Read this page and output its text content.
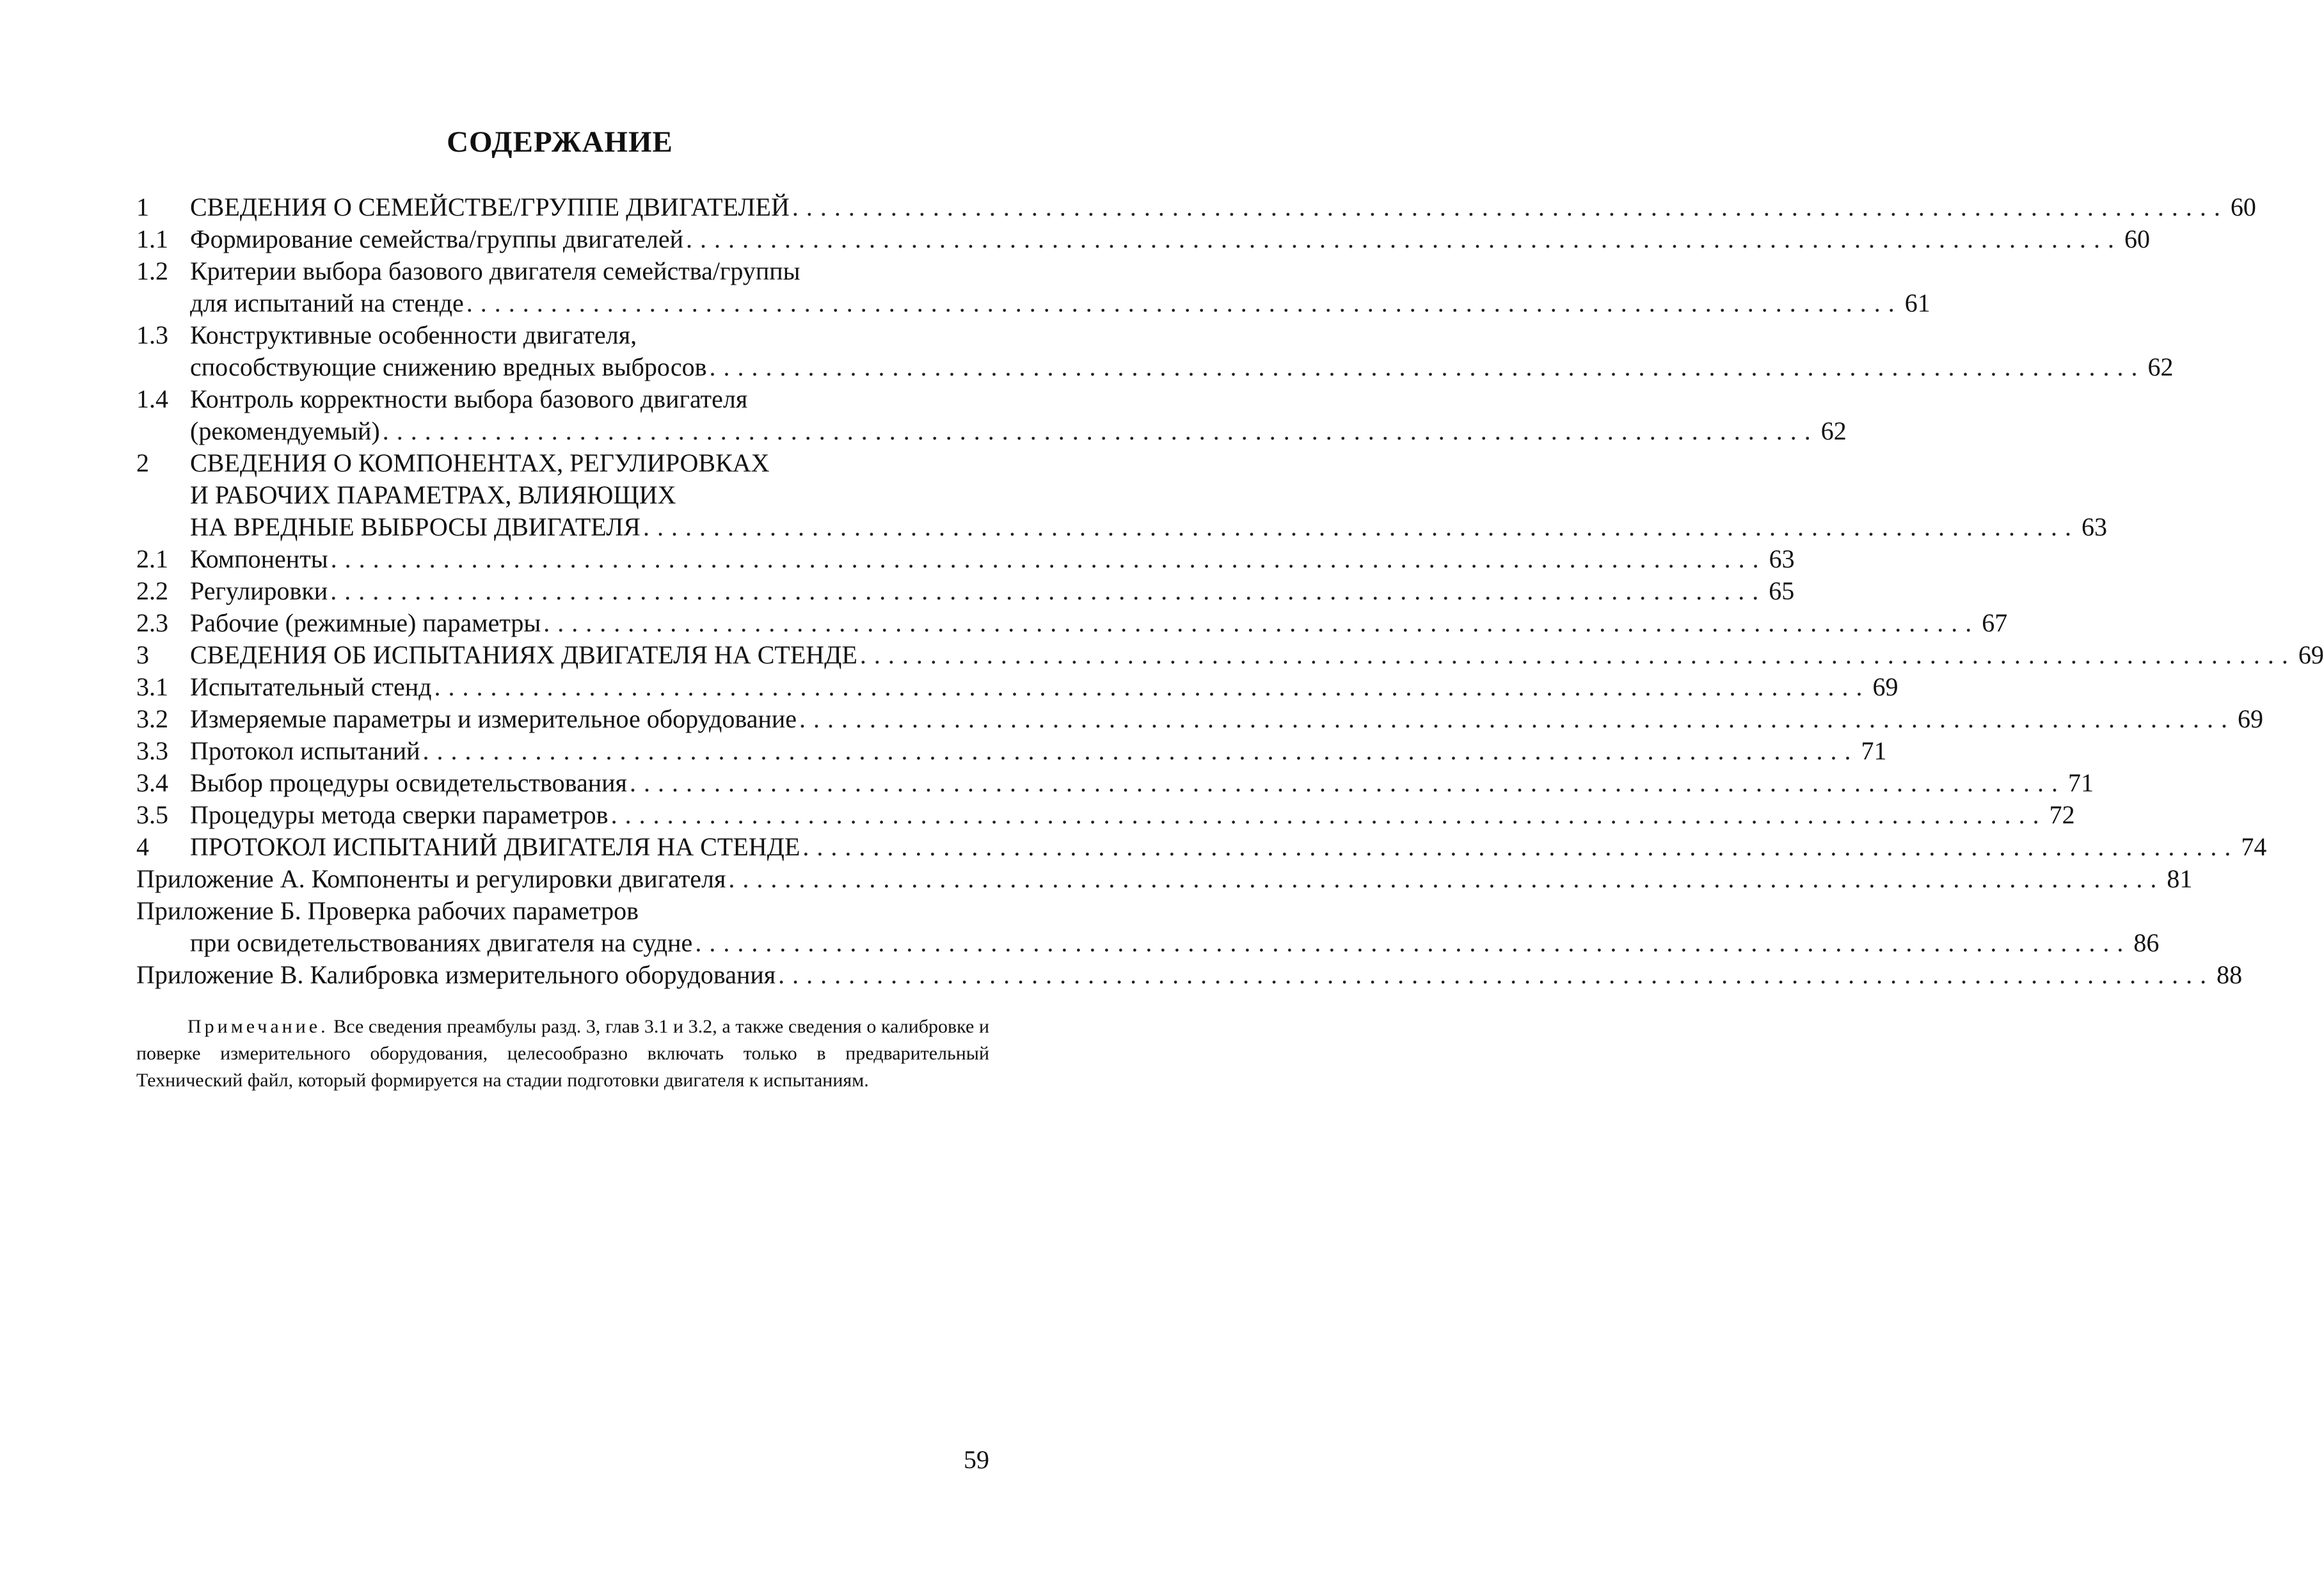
СОДЕРЖАНИЕ
1	СВЕДЕНИЯ О СЕМЕЙСТВЕ/ГРУППЕ ДВИГАТЕЛЕЙ . . .	60
1.1 Формирование семейства/группы двигателей . . .	60
1.2 Критерии выбора базового двигателя семейства/группы
для испытаний на стенде . . .	61
1.3 Конструктивные особенности двигателя,
способствующие снижению вредных выбросов . . .	62
1.4 Контроль корректности выбора базового двигателя
(рекомендуемый) . . .	62
2	СВЕДЕНИЯ О КОМПОНЕНТАХ, РЕГУЛИРОВКАХ
И РАБОЧИХ ПАРАМЕТРАХ, ВЛИЯЮЩИХ
НА ВРЕДНЫЕ ВЫБРОСЫ ДВИГАТЕЛЯ . . .	63
2.1 Компоненты . . .	63
2.2 Регулировки . . .	65
2.3 Рабочие (режимные) параметры . . .	67
3	СВЕДЕНИЯ ОБ ИСПЫТАНИЯХ ДВИГАТЕЛЯ НА СТЕНДЕ . . .	69
3.1 Испытательный стенд . . .	69
3.2 Измеряемые параметры и измерительное оборудование . . .	69
3.3 Протокол испытаний . . .	71
3.4 Выбор процедуры освидетельствования . . .	71
3.5 Процедуры метода сверки параметров . . .	72
4	ПРОТОКОЛ ИСПЫТАНИЙ ДВИГАТЕЛЯ НА СТЕНДЕ . . .	74
Приложение А. Компоненты и регулировки двигателя . . .	81
Приложение Б. Проверка рабочих параметров
при освидетельствованиях двигателя на судне . . .	86
Приложение В. Калибровка измерительного оборудования . . .	88
Примечание. Все сведения преамбулы разд. 3, глав 3.1 и 3.2, а также сведения о калибровке и поверке измерительного оборудования, целесообразно включать только в предварительный Технический файл, который формируется на стадии подготовки двигателя к испытаниям.
59
